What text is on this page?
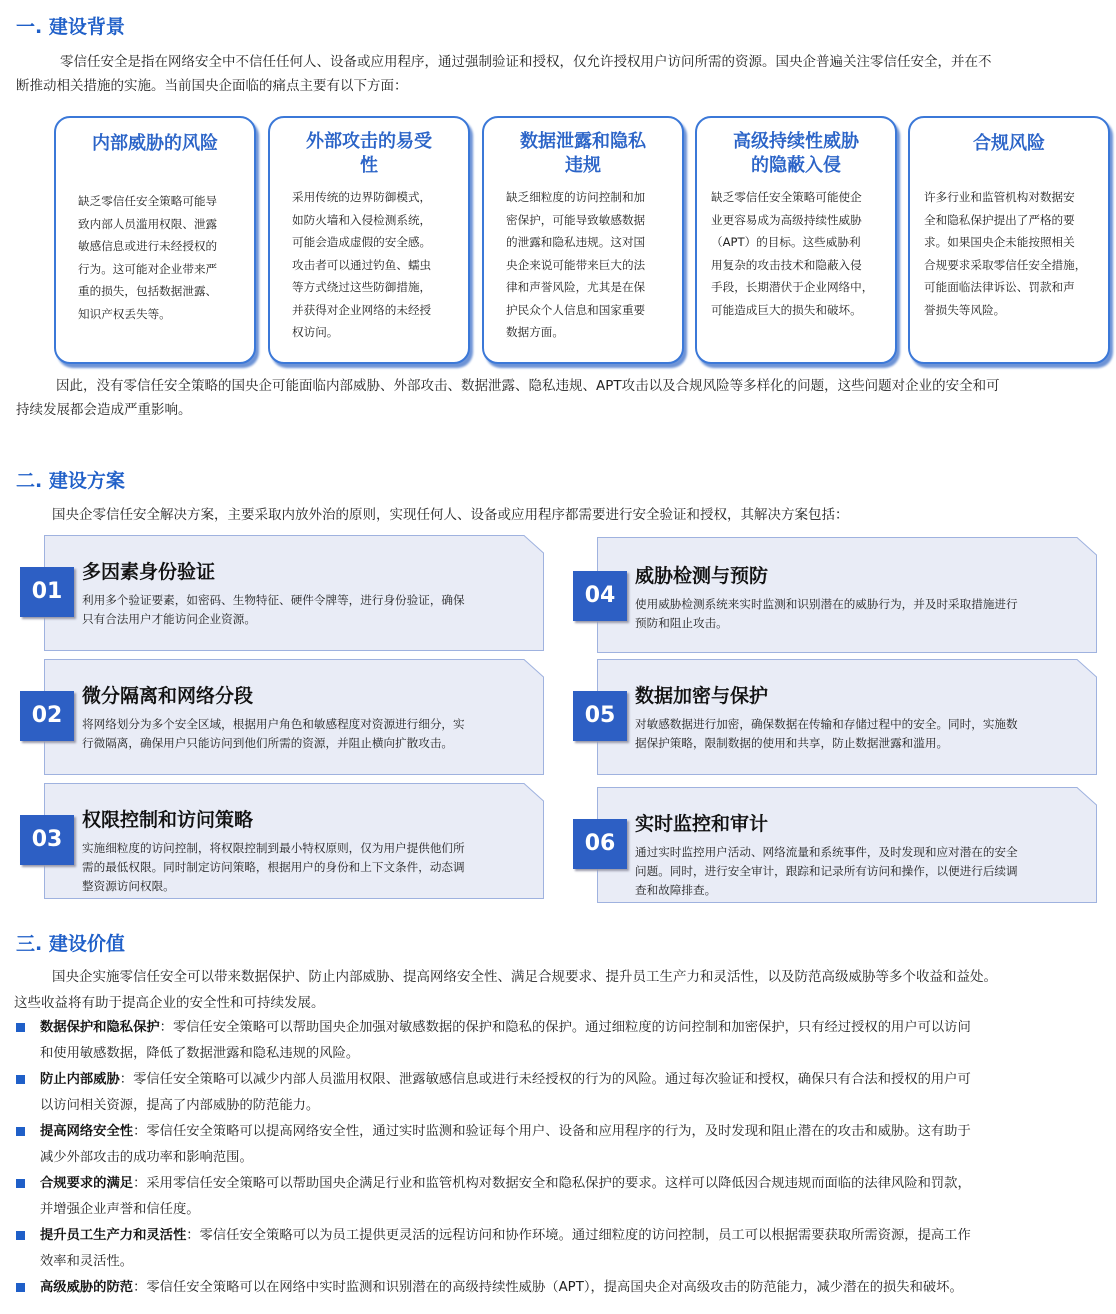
一. 建设背景
零信任安全是指在网络安全中不信任任何人、设备或应用程序，通过强制验证和授权，仅允许授权用户访问所需的资源。国央企普遍关注零信任安全，并在不
断推动相关措施的实施。当前国央企面临的痛点主要有以下方面：
内部威胁的风险
缺乏零信任安全策略可能导
致内部人员滥用权限、泄露
敏感信息或进行未经授权的
行为。这可能对企业带来严
重的损失，包括数据泄露、
知识产权丢失等。
外部攻击的易受
性
采用传统的边界防御模式，
如防火墙和入侵检测系统，
可能会造成虚假的安全感。
攻击者可以通过钓鱼、蠕虫
等方式绕过这些防御措施，
并获得对企业网络的未经授
权访问。
数据泄露和隐私
违规
缺乏细粒度的访问控制和加
密保护，可能导致敏感数据
的泄露和隐私违规。这对国
央企来说可能带来巨大的法
律和声誉风险，尤其是在保
护民众个人信息和国家重要
数据方面。
高级持续性威胁
的隐蔽入侵
缺乏零信任安全策略可能使企
业更容易成为高级持续性威胁
（APT）的目标。这些威胁利
用复杂的攻击技术和隐蔽入侵
手段，长期潜伏于企业网络中，
可能造成巨大的损失和破坏。
合规风险
许多行业和监管机构对数据安
全和隐私保护提出了严格的要
求。如果国央企未能按照相关
合规要求采取零信任安全措施，
可能面临法律诉讼、罚款和声
誉损失等风险。
因此，没有零信任安全策略的国央企可能面临内部威胁、外部攻击、数据泄露、隐私违规、APT攻击以及合规风险等多样化的问题，这些问题对企业的安全和可
持续发展都会造成严重影响。
二. 建设方案
国央企零信任安全解决方案，主要采取内放外治的原则，实现任何人、设备或应用程序都需要进行安全验证和授权，其解决方案包括：
01
多因素身份验证
利用多个验证要素，如密码、生物特征、硬件令牌等，进行身份验证，确保
只有合法用户才能访问企业资源。
02
微分隔离和网络分段
将网络划分为多个安全区域，根据用户角色和敏感程度对资源进行细分，实
行微隔离，确保用户只能访问到他们所需的资源，并阻止横向扩散攻击。
03
权限控制和访问策略
实施细粒度的访问控制，将权限控制到最小特权原则，仅为用户提供他们所
需的最低权限。同时制定访问策略，根据用户的身份和上下文条件，动态调
整资源访问权限。
04
威胁检测与预防
使用威胁检测系统来实时监测和识别潜在的威胁行为，并及时采取措施进行
预防和阻止攻击。
05
数据加密与保护
对敏感数据进行加密，确保数据在传输和存储过程中的安全。同时，实施数
据保护策略，限制数据的使用和共享，防止数据泄露和滥用。
06
实时监控和审计
通过实时监控用户活动、网络流量和系统事件，及时发现和应对潜在的安全
问题。同时，进行安全审计，跟踪和记录所有访问和操作，以便进行后续调
查和故障排查。
三. 建设价值
国央企实施零信任安全可以带来数据保护、防止内部威胁、提高网络安全性、满足合规要求、提升员工生产力和灵活性，以及防范高级威胁等多个收益和益处。
这些收益将有助于提高企业的安全性和可持续发展。
数据保护和隐私保护：零信任安全策略可以帮助国央企加强对敏感数据的保护和隐私的保护。通过细粒度的访问控制和加密保护，只有经过授权的用户可以访问
和使用敏感数据，降低了数据泄露和隐私违规的风险。
防止内部威胁：零信任安全策略可以减少内部人员滥用权限、泄露敏感信息或进行未经授权的行为的风险。通过每次验证和授权，确保只有合法和授权的用户可
以访问相关资源，提高了内部威胁的防范能力。
提高网络安全性：零信任安全策略可以提高网络安全性，通过实时监测和验证每个用户、设备和应用程序的行为，及时发现和阻止潜在的攻击和威胁。这有助于
减少外部攻击的成功率和影响范围。
合规要求的满足：采用零信任安全策略可以帮助国央企满足行业和监管机构对数据安全和隐私保护的要求。这样可以降低因合规违规而面临的法律风险和罚款，
并增强企业声誉和信任度。
提升员工生产力和灵活性：零信任安全策略可以为员工提供更灵活的远程访问和协作环境。通过细粒度的访问控制，员工可以根据需要获取所需资源，提高工作
效率和灵活性。
高级威胁的防范：零信任安全策略可以在网络中实时监测和识别潜在的高级持续性威胁（APT），提高国央企对高级攻击的防范能力，减少潜在的损失和破坏。
